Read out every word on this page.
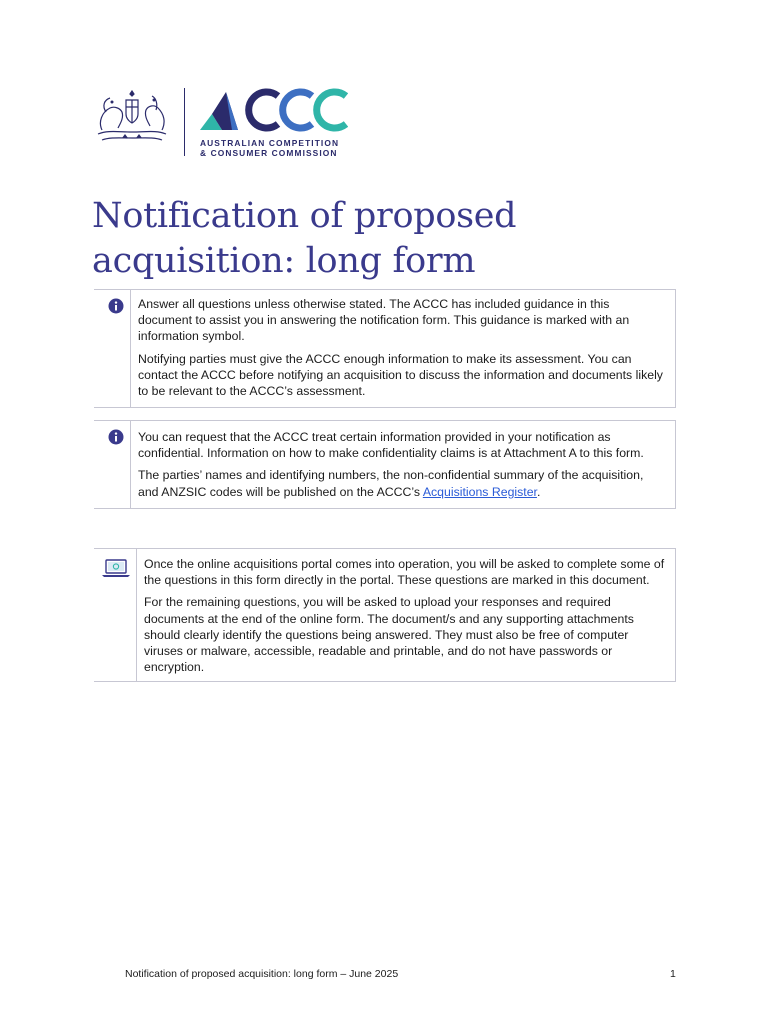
AUSTRALIAN COMPETITION
& CONSUMER COMMISSION
Notification of proposed
acquisition: long form

Answer all questions unless otherwise stated. The ACCC has included guidance in this document to assist you in answering the notification form. This guidance is marked with an information symbol.

Notifying parties must give the ACCC enough information to make its assessment. You can contact the ACCC before notifying an acquisition to discuss the information and documents likely to be relevant to the ACCC’s assessment.

You can request that the ACCC treat certain information provided in your notification as confidential. Information on how to make confidentiality claims is at Attachment A to this form.

The parties’ names and identifying numbers, the non-confidential summary of the acquisition, and ANZSIC codes will be published on the ACCC’s Acquisitions Register.

Once the online acquisitions portal comes into operation, you will be asked to complete some of the questions in this form directly in the portal. These questions are marked in this document.

For the remaining questions, you will be asked to upload your responses and required documents at the end of the online form. The document/s and any supporting attachments should clearly identify the questions being answered. They must also be free of computer viruses or malware, accessible, readable and printable, and do not have passwords or encryption.

Notification of proposed acquisition: long form – June 2025	1
